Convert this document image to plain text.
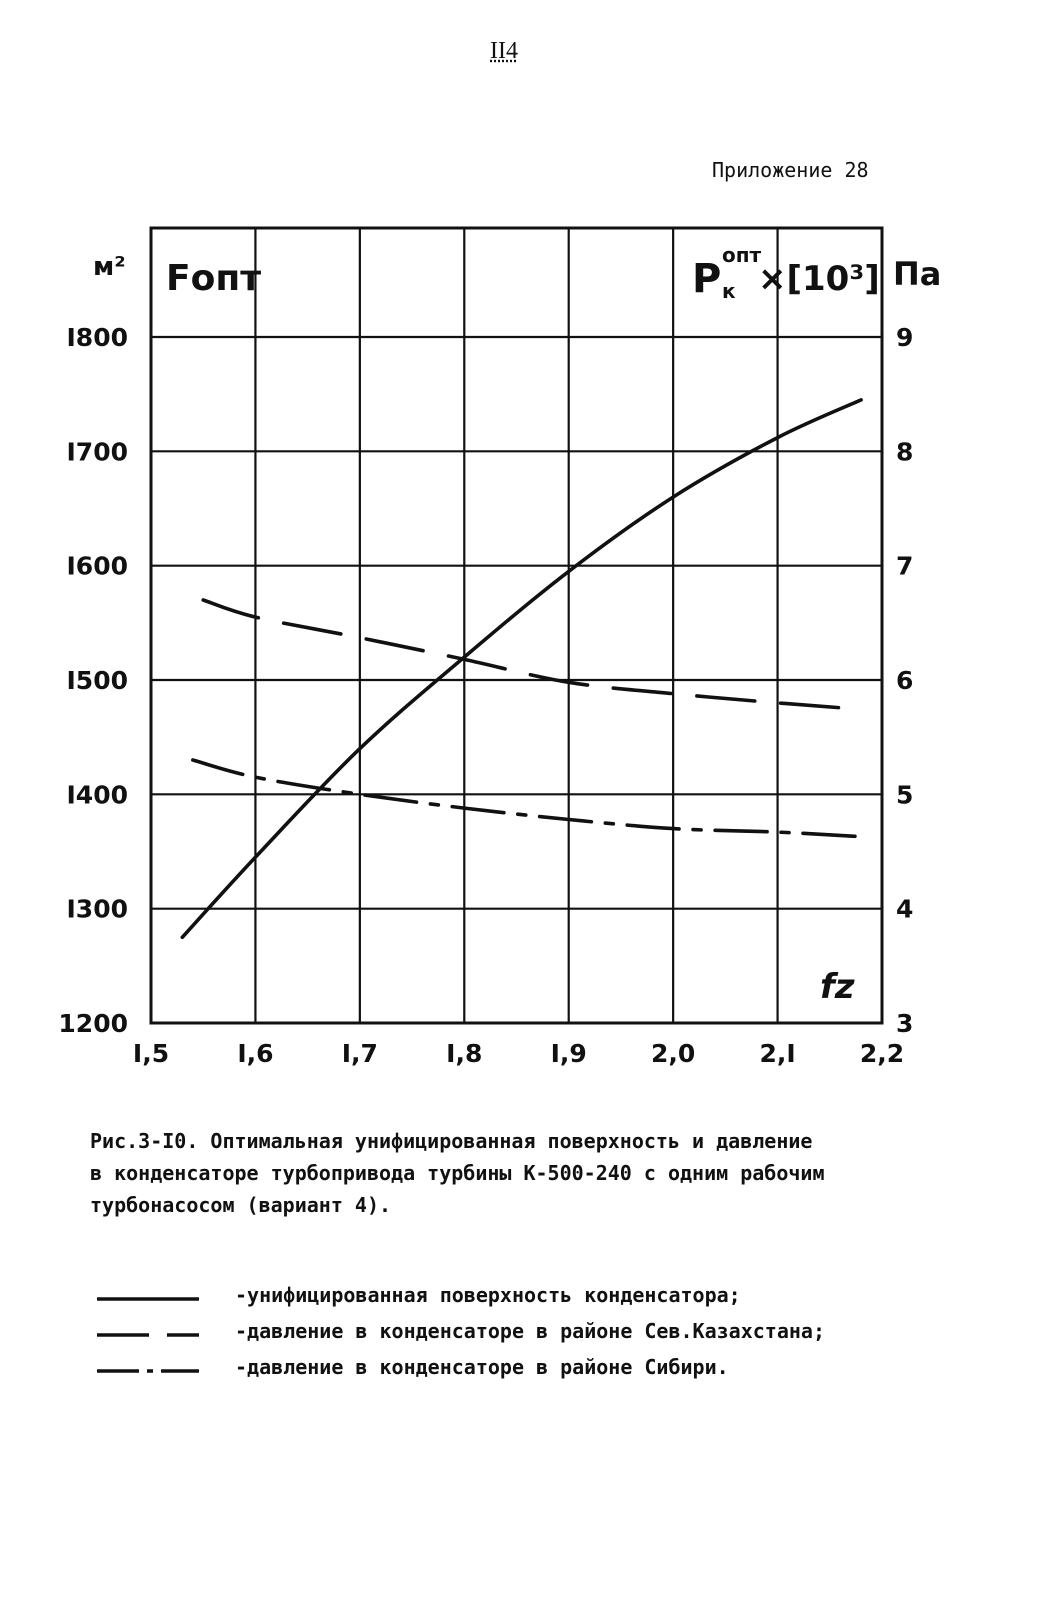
II4
Приложение 28
1200
I300
I400
I500
I600
I700
I800
3
4
5
6
7
8
9
I,5	I,6	I,7	I,8	I,9	2,0	2,I	2,2
м² Fопт	P
опт
к ×[10³] Па
fz
Рис.3-I0. Оптимальная унифицированная поверхность и давление
в конденсаторе турбопривода турбины К-500-240 с одним рабочим
турбонасосом (вариант 4).
-унифицированная поверхность конденсатора;
-давление в конденсаторе в районе Сев.Казахстана;
-давление в конденсаторе в районе Сибири.
